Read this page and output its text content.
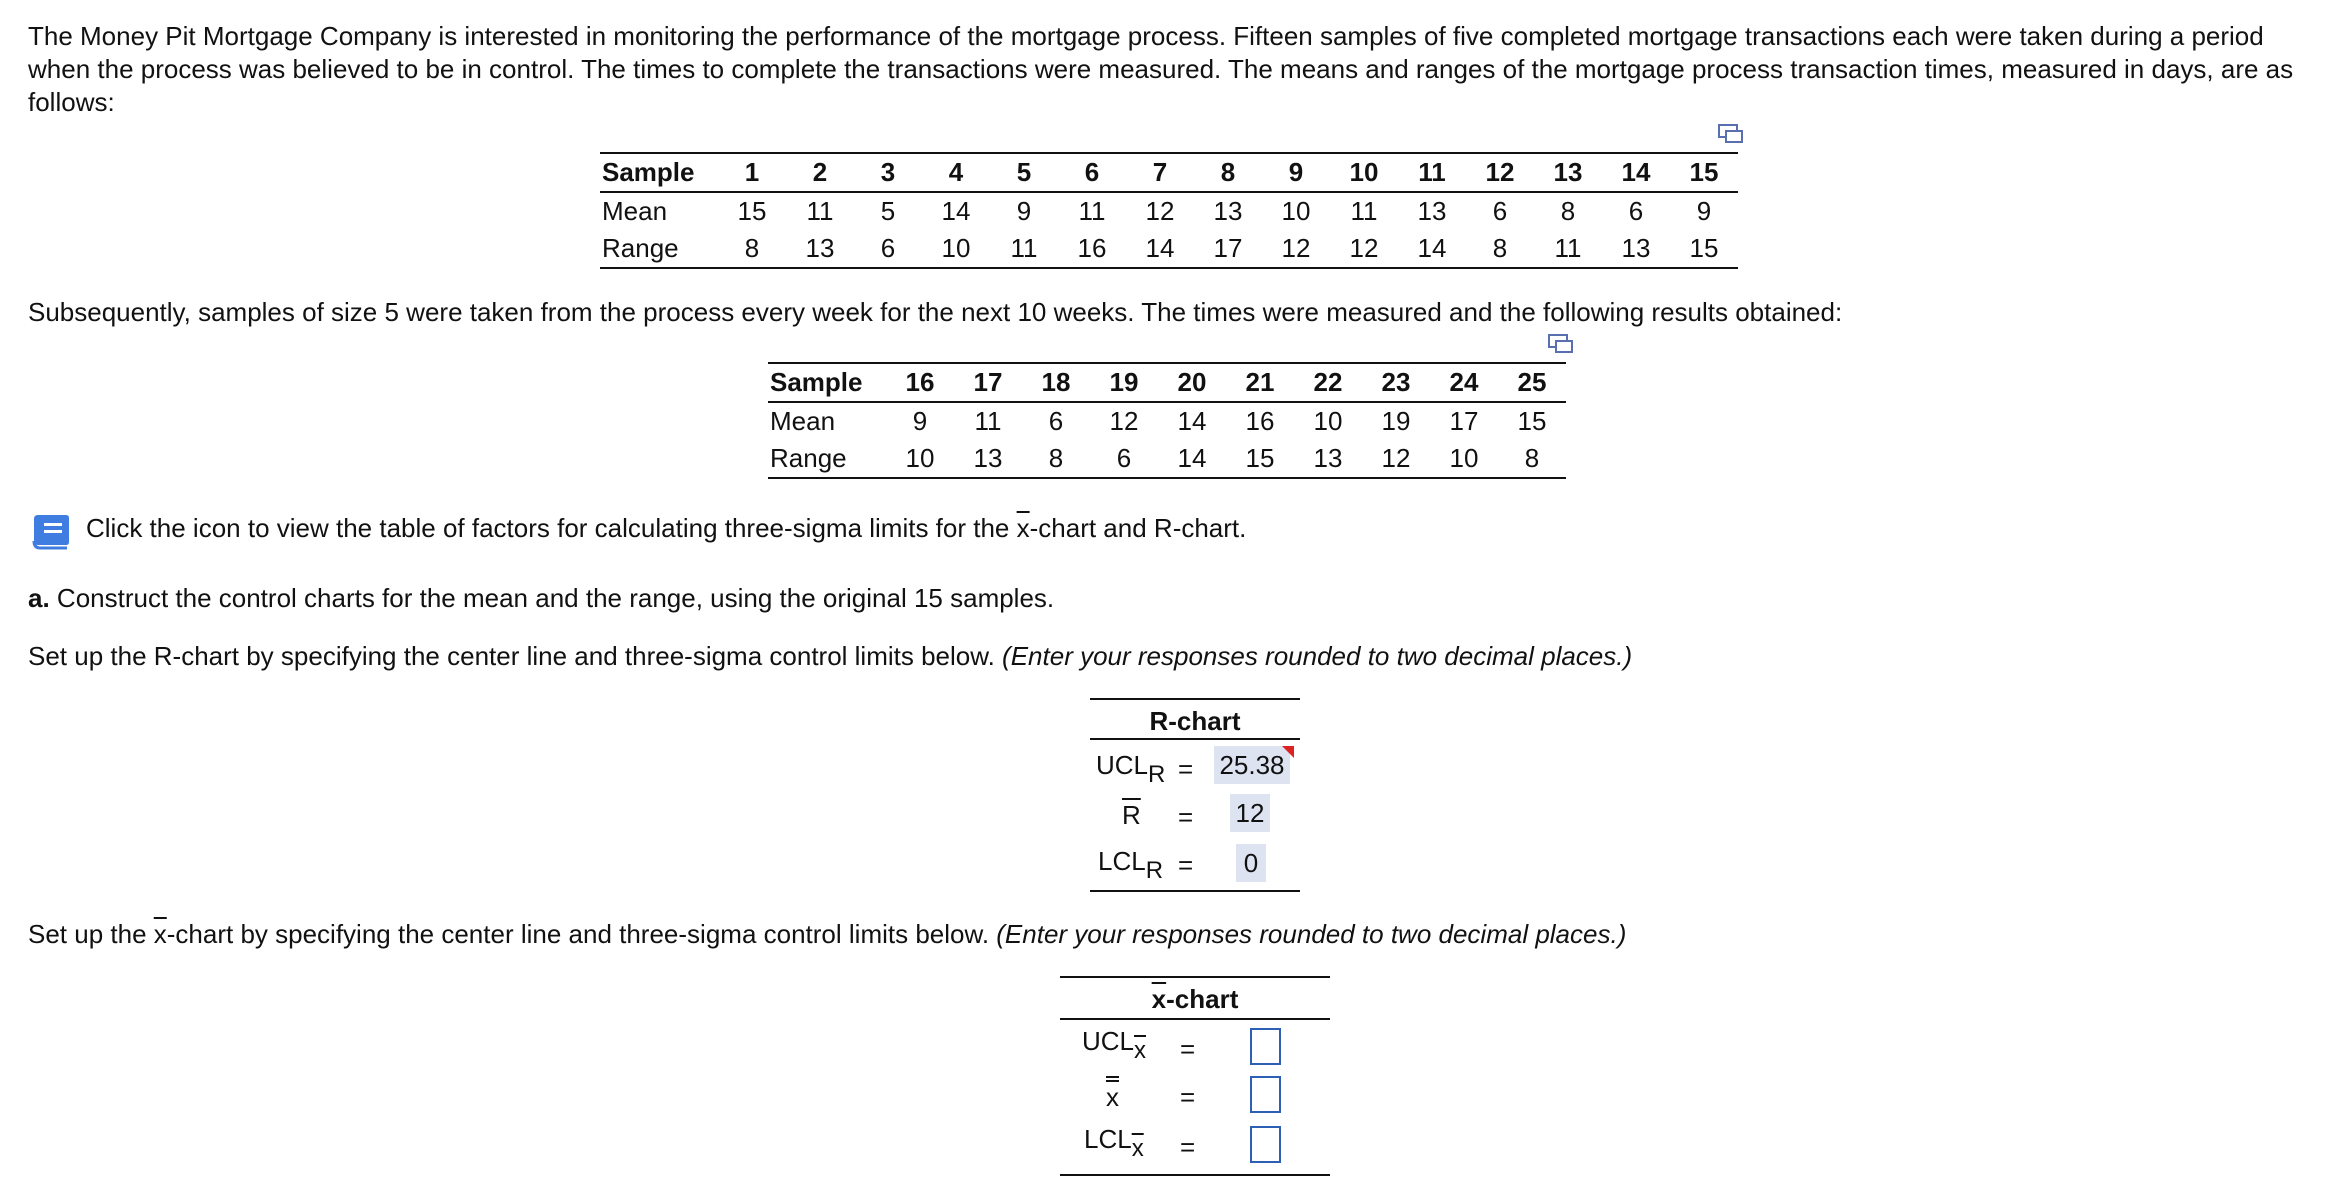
The Money Pit Mortgage Company is interested in monitoring the performance of the mortgage process. Fifteen samples of five completed mortgage transactions each were taken during a period when the process was believed to be in control. The times to complete the transactions were measured. The means and ranges of the mortgage process transaction times, measured in days, are as follows:
Sample	1	2	3	4	5	6	7	8	9	10	11	12	13	14	15
Mean	15	11	5	14	9	11	12	13	10	11	13	6	8	6	9
Range	8	13	6	10	11	16	14	17	12	12	14	8	11	13	15
Subsequently, samples of size 5 were taken from the process every week for the next 10 weeks. The times were measured and the following results obtained:
Sample	16	17	18	19	20	21	22	23	24	25
Mean	9	11	6	12	14	16	10	19	17	15
Range	10	13	8	6	14	15	13	12	10	8
Click the icon to view the table of factors for calculating three-sigma limits for the $\overline{x}$-chart and R-chart.
a. Construct the control charts for the mean and the range, using the original 15 samples.
Set up the R-chart by specifying the center line and three-sigma control limits below. (Enter your responses rounded to two decimal places.)
R-chart
$UCL_R = 25.38$
$\overline{R} = 12$
$LCL_R = 0$
Set up the $\overline{x}$-chart by specifying the center line and three-sigma control limits below. (Enter your responses rounded to two decimal places.)
$\overline{x}$-chart
$UCL_{\overline{x}}$ =
x =
$LCL_{\overline{x}}$ =
